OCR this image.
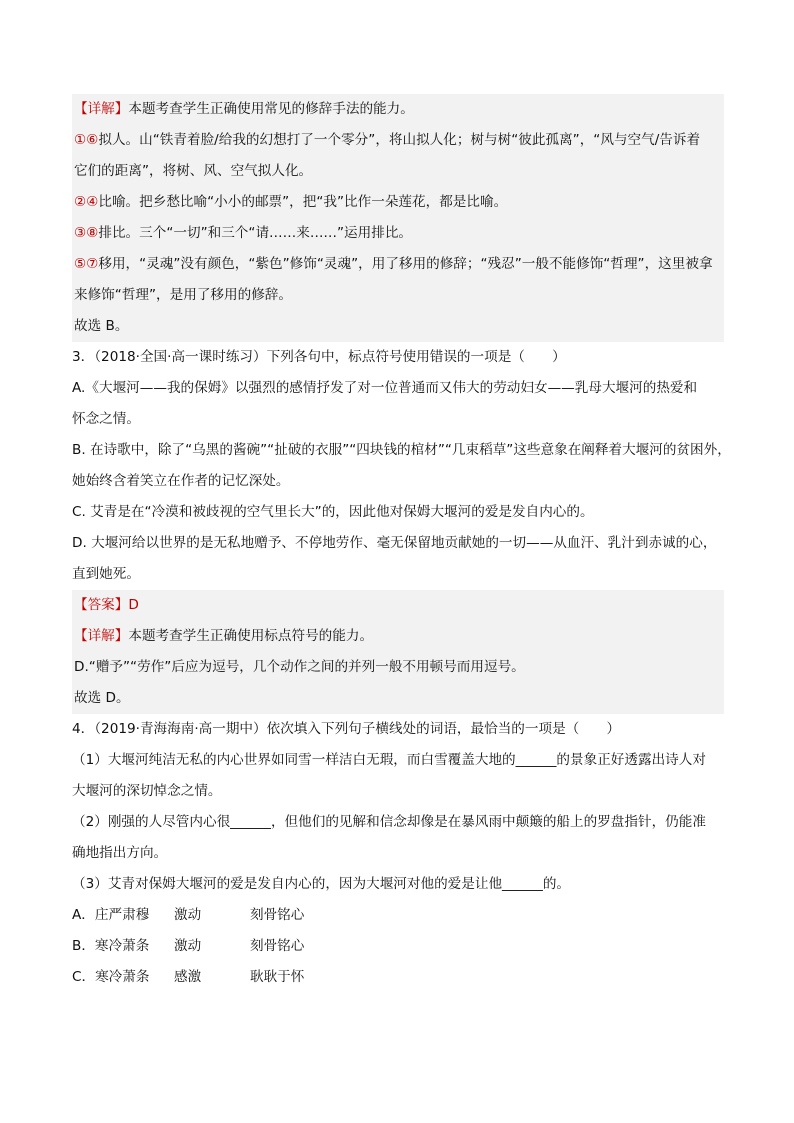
【详解】本题考查学生正确使用常见的修辞手法的能力。
①⑥拟人。山“铁青着脸/给我的幻想打了一个零分”，将山拟人化；树与树“彼此孤离”，“风与空气/告诉着
它们的距离”，将树、风、空气拟人化。
②④比喻。把乡愁比喻“小小的邮票”，把“我”比作一朵莲花，都是比喻。
③⑧排比。三个“一切”和三个“请……来……”运用排比。
⑤⑦移用，“灵魂”没有颜色，“紫色”修饰“灵魂”，用了移用的修辞；“残忍”一般不能修饰“哲理”，这里被拿
来修饰“哲理”，是用了移用的修辞。
故选 B。
3．（2018·全国·高一课时练习）下列各句中，标点符号使用错误的一项是（　　）
A.《大堰河——我的保姆》以强烈的感情抒发了对一位普通而又伟大的劳动妇女——乳母大堰河的热爱和
怀念之情。
B. 在诗歌中，除了“乌黑的酱碗”“扯破的衣服”“四块钱的棺材”“几束稻草”这些意象在阐释着大堰河的贫困外，
她始终含着笑立在作者的记忆深处。
C. 艾青是在“冷漠和被歧视的空气里长大”的，因此他对保姆大堰河的爱是发自内心的。
D. 大堰河给以世界的是无私地赠予、不停地劳作、毫无保留地贡献她的一切——从血汗、乳汁到赤诚的心，
直到她死。
【答案】D
【详解】本题考查学生正确使用标点符号的能力。
D.“赠予”“劳作”后应为逗号，几个动作之间的并列一般不用顿号而用逗号。
故选 D。
4．（2019·青海海南·高一期中）依次填入下列句子横线处的词语，最恰当的一项是（　　）
（1）大堰河纯洁无私的内心世界如同雪一样洁白无瑕，而白雪覆盖大地的______的景象正好透露出诗人对
大堰河的深切悼念之情。
（2）刚强的人尽管内心很______，但他们的见解和信念却像是在暴风雨中颠簸的船上的罗盘指针，仍能准
确地指出方向。
（3）艾青对保姆大堰河的爱是发自内心的，因为大堰河对他的爱是让他______的。
A．庄严肃穆	激动	刻骨铭心
B．寒冷萧条	激动	刻骨铭心
C．寒冷萧条	感激	耿耿于怀
